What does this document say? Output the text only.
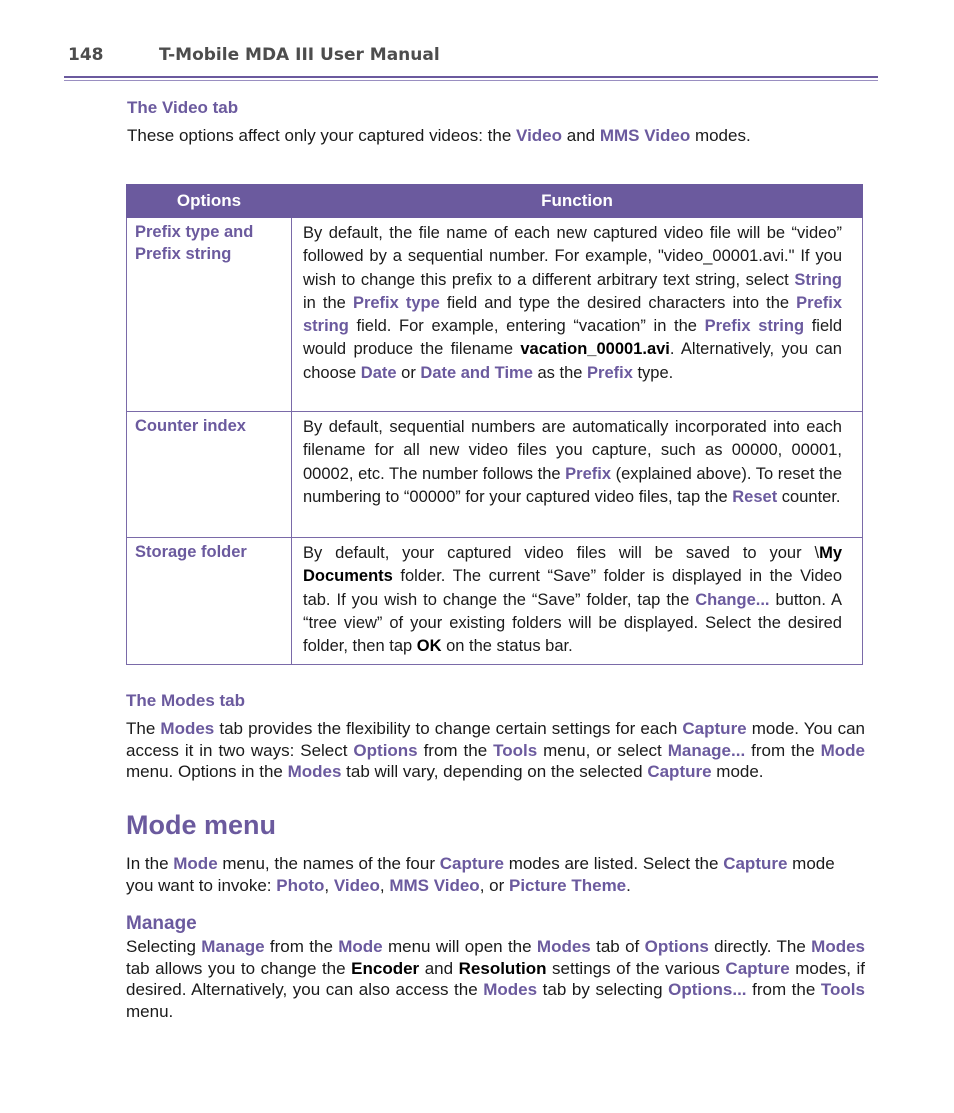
148	T-Mobile MDA III User Manual
The Video tab
These options affect only your captured videos: the Video and MMS Video modes.
Options	Function
Prefix type and
Prefix string	By default, the file name of each new captured video file will be “video” followed by a sequential number. For example, "video_00001.avi." If you wish to change this prefix to a different arbitrary text string, select String in the Prefix type field and type the desired characters into the Prefix string field. For example, entering “vacation” in the Prefix string field would produce the filename vacation_00001.avi. Alternatively, you can choose Date or Date and Time as the Prefix type.
Counter index	By default, sequential numbers are automatically incorporated into each filename for all new video files you capture, such as 00000, 00001, 00002, etc. The number follows the Prefix (explained above). To reset the numbering to “00000” for your captured video files, tap the Reset counter.
Storage folder	By default, your captured video files will be saved to your \My Documents folder. The current “Save” folder is displayed in the Video tab. If you wish to change the “Save” folder, tap the Change... button. A “tree view” of your existing folders will be displayed. Select the desired folder, then tap OK on the status bar.
The Modes tab
The Modes tab provides the flexibility to change certain settings for each Capture mode. You can access it in two ways: Select Options from the Tools menu, or select Manage... from the Mode menu. Options in the Modes tab will vary, depending on the selected Capture mode.
Mode menu
In the Mode menu, the names of the four Capture modes are listed. Select the Capture mode you want to invoke: Photo, Video, MMS Video, or Picture Theme.
Manage
Selecting Manage from the Mode menu will open the Modes tab of Options directly. The Modes tab allows you to change the Encoder and Resolution settings of the various Capture modes, if desired. Alternatively, you can also access the Modes tab by selecting Options... from the Tools menu.
